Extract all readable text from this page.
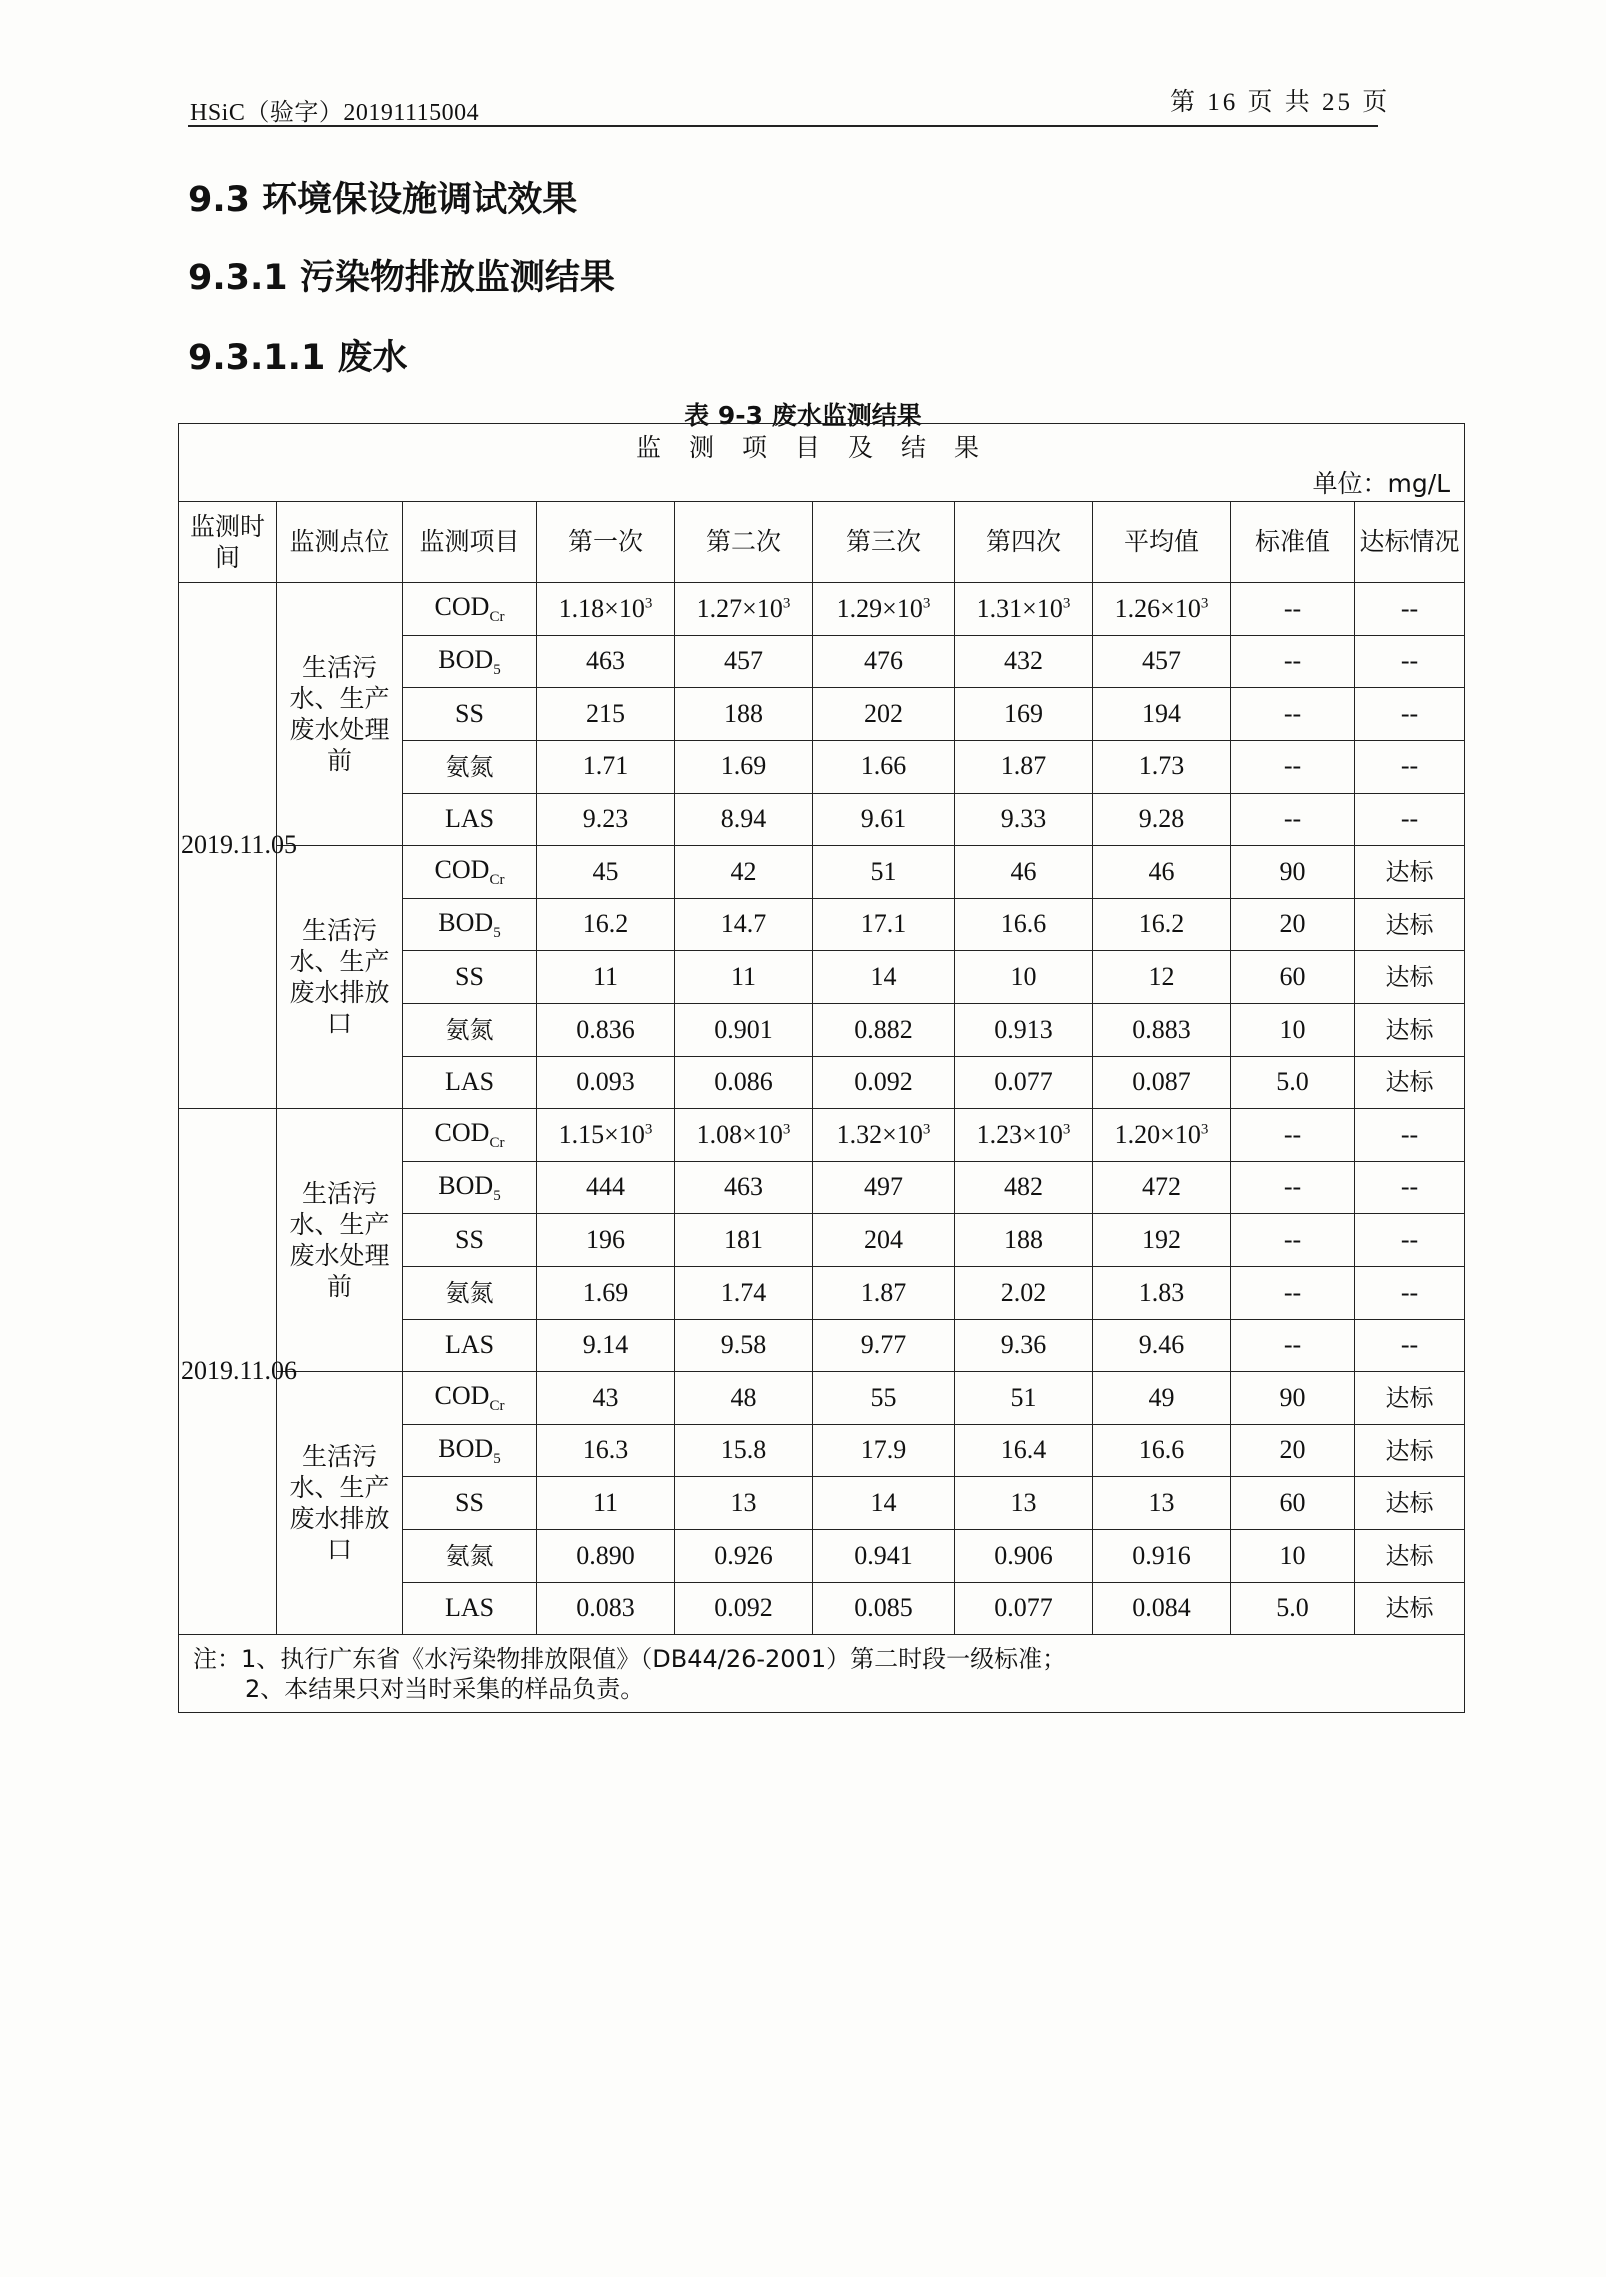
HSiC（验字）20191115004	第 16 页 共 25 页
9.3 环境保设施调试效果
9.3.1 污染物排放监测结果
9.3.1.1 废水
表 9-3 废水监测结果
监测项目及结果									
单位：mg/L									
监测时间	监测点位	监测项目	第一次	第二次	第三次	第四次	平均值	标准值	达标情况
2019.11.05	生活污水、生产废水处理前	$COD_{Cr}$	$1.18\times 10^3$	$1.27\times 10^3$	$1.29\times 10^3$	$1.31\times 10^3$	$1.26\times 10^3$	--	--
		$BOD_5$	463	457	476	432	457	--	--
		SS	215	188	202	169	194	--	--
		氨氮	1.71	1.69	1.66	1.87	1.73	--	--
		LAS	9.23	8.94	9.61	9.33	9.28	--	--
	生活污水、生产废水排放口	$COD_{Cr}$	45	42	51	46	46	90	达标
		$BOD_5$	16.2	14.7	17.1	16.6	16.2	20	达标
		SS	11	11	14	10	12	60	达标
		氨氮	0.836	0.901	0.882	0.913	0.883	10	达标
		LAS	0.093	0.086	0.092	0.077	0.087	5.0	达标
2019.11.06	生活污水、生产废水处理前	$COD_{Cr}$	$1.15\times 10^3$	$1.08\times 10^3$	$1.32\times 10^3$	$1.23\times 10^3$	$1.20\times 10^3$	--	--
		$BOD_5$	444	463	497	482	472	--	--
		SS	196	181	204	188	192	--	--
		氨氮	1.69	1.74	1.87	2.02	1.83	--	--
		LAS	9.14	9.58	9.77	9.36	9.46	--	--
	生活污水、生产废水排放口	$COD_{Cr}$	43	48	55	51	49	90	达标
		$BOD_5$	16.3	15.8	17.9	16.4	16.6	20	达标
		SS	11	13	14	13	13	60	达标
		氨氮	0.890	0.926	0.941	0.906	0.916	10	达标
		LAS	0.083	0.092	0.085	0.077	0.084	5.0	达标

注：1、执行广东省《水污染物排放限值》（DB44/26-2001）第二时段一级标准；
2、本结果只对当时采集的样品负责。									
